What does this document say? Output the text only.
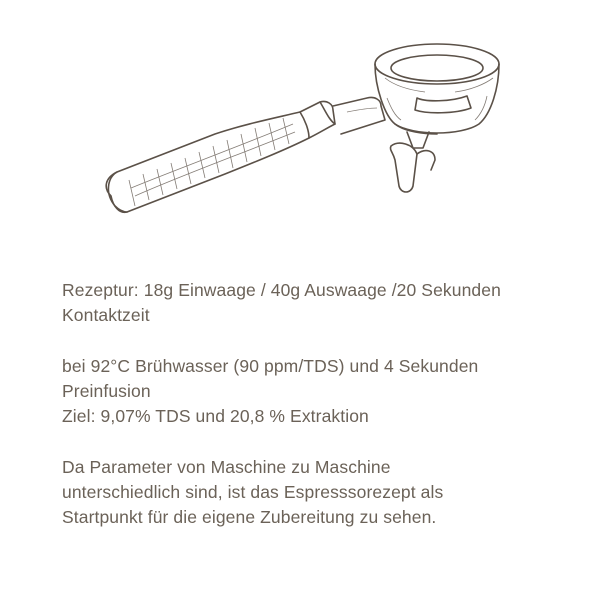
Rezeptur: 18g Einwaage / 40g Auswaage /20 Sekunden
Kontaktzeit

bei 92°C Brühwasser (90 ppm/TDS) und 4 Sekunden
Preinfusion
Ziel: 9,07% TDS und 20,8 % Extraktion

Da Parameter von Maschine zu Maschine
unterschiedlich sind, ist das Espresssorezept als
Startpunkt für die eigene Zubereitung zu sehen.
